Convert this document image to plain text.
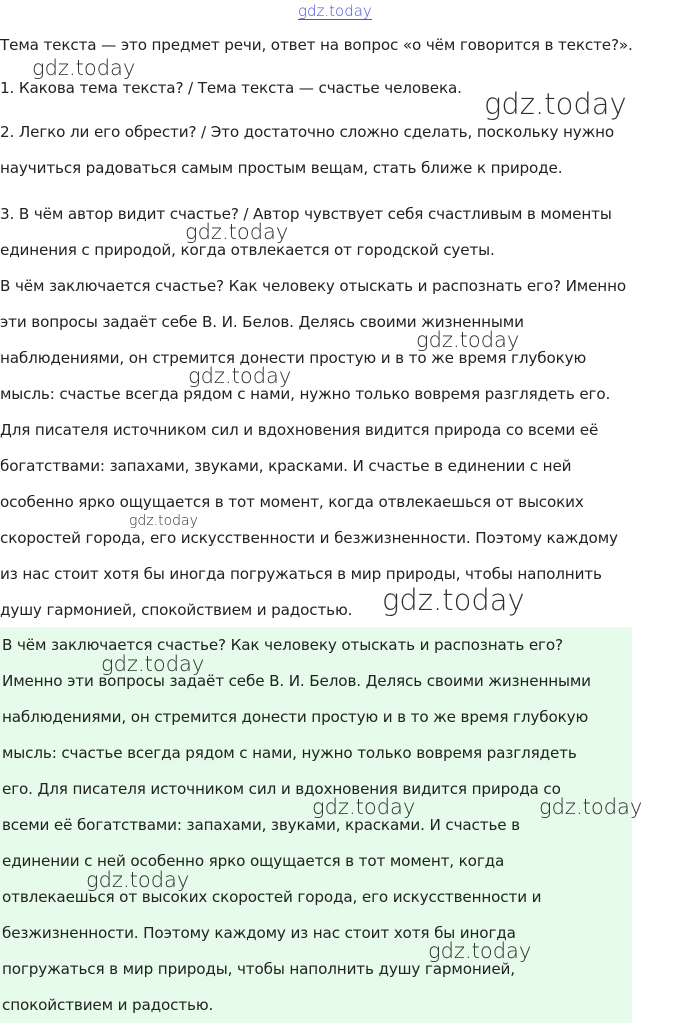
gdz.today
Тема текста — это предмет речи, ответ на вопрос «о чём говорится в тексте?».
1. Какова тема текста? / Тема текста — счастье человека.
2. Легко ли его обрести? / Это достаточно сложно сделать, поскольку нужно
научиться радоваться самым простым вещам, стать ближе к природе.
3. В чём автор видит счастье? / Автор чувствует себя счастливым в моменты
единения с природой, когда отвлекается от городской суеты.
В чём заключается счастье? Как человеку отыскать и распознать его? Именно
эти вопросы задаёт себе В. И. Белов. Делясь своими жизненными
наблюдениями, он стремится донести простую и в то же время глубокую
мысль: счастье всегда рядом с нами, нужно только вовремя разглядеть его.
Для писателя источником сил и вдохновения видится природа со всеми её
богатствами: запахами, звуками, красками. И счастье в единении с ней
особенно ярко ощущается в тот момент, когда отвлекаешься от высоких
скоростей города, его искусственности и безжизненности. Поэтому каждому
из нас стоит хотя бы иногда погружаться в мир природы, чтобы наполнить
душу гармонией, спокойствием и радостью.
В чём заключается счастье? Как человеку отыскать и распознать его?
Именно эти вопросы задаёт себе В. И. Белов. Делясь своими жизненными
наблюдениями, он стремится донести простую и в то же время глубокую
мысль: счастье всегда рядом с нами, нужно только вовремя разглядеть
его. Для писателя источником сил и вдохновения видится природа со
всеми её богатствами: запахами, звуками, красками. И счастье в
единении с ней особенно ярко ощущается в тот момент, когда
отвлекаешься от высоких скоростей города, его искусственности и
безжизненности. Поэтому каждому из нас стоит хотя бы иногда
погружаться в мир природы, чтобы наполнить душу гармонией,
спокойствием и радостью.
gdz.today
gdz.today
gdz.today
gdz.today
gdz.today
gdz.today
gdz.today
gdz.today
gdz.today	gdz.today
gdz.today
gdz.today
